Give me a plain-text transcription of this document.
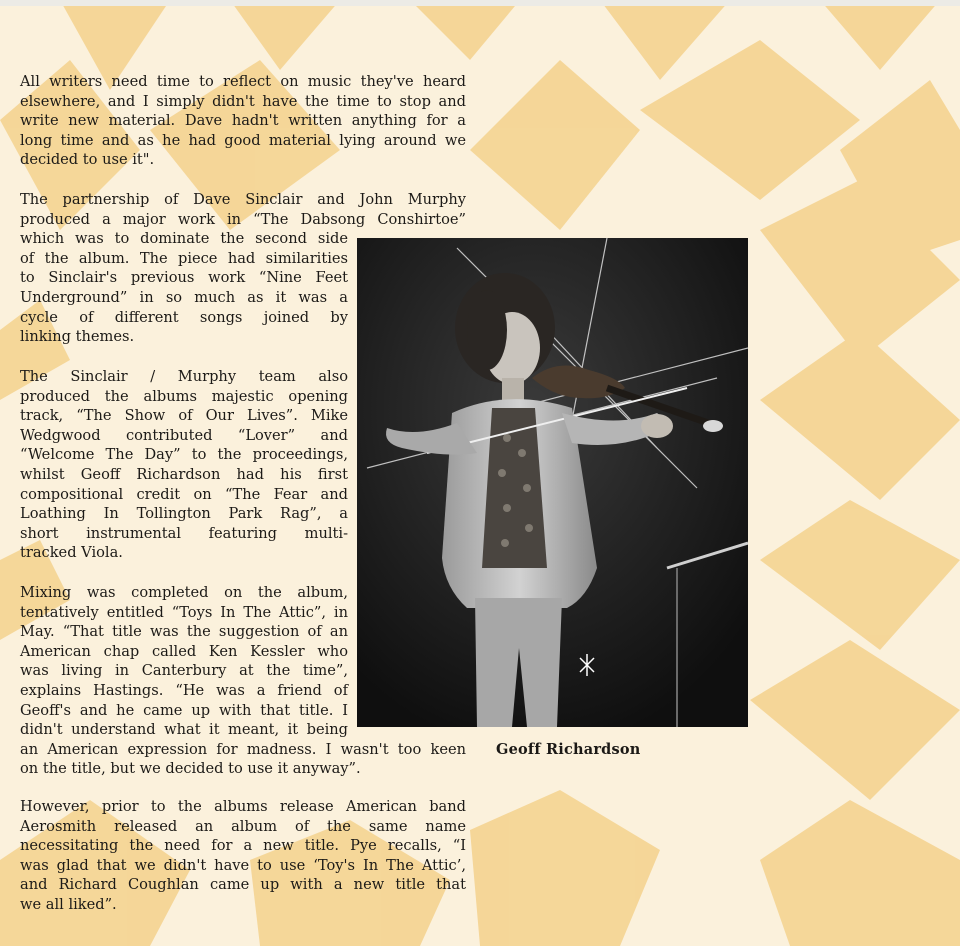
All writers need time to reflect on music they've heard
elsewhere, and I simply didn't have the time to stop and
write new material. Dave hadn't written anything for a
long time and as he had good material lying around we
decided to use it".

The partnership of Dave Sinclair and John Murphy
produced a major work in “The Dabsong Conshirtoe”
which was to dominate the second side
of the album. The piece had similarities
to Sinclair's previous work “Nine Feet
Underground” in so much as it was a
cycle of different songs joined by
linking themes.

The Sinclair / Murphy team also
produced the albums majestic opening
track, “The Show of Our Lives”. Mike
Wedgwood contributed “Lover” and
“Welcome The Day” to the proceedings,
whilst Geoff Richardson had his first
compositional credit on “The Fear and
Loathing In Tollington Park Rag”, a
short instrumental featuring multi-
tracked Viola.

Mixing was completed on the album,
tentatively entitled “Toys In The Attic”, in
May. “That title was the suggestion of an
American chap called Ken Kessler who
was living in Canterbury at the time”,
explains Hastings. “He was a friend of
Geoff's and he came up with that title. I
didn't understand what it meant, it being
an American expression for madness. I wasn't too keen
on the title, but we decided to use it anyway”.

However, prior to the albums release American band
Aerosmith released an album of the same name
necessitating the need for a new title. Pye recalls, “I
was glad that we didn't have to use ‘Toy's In The Attic’,
and Richard Coughlan came up with a new title that
we all liked”.

Geoff Richardson
